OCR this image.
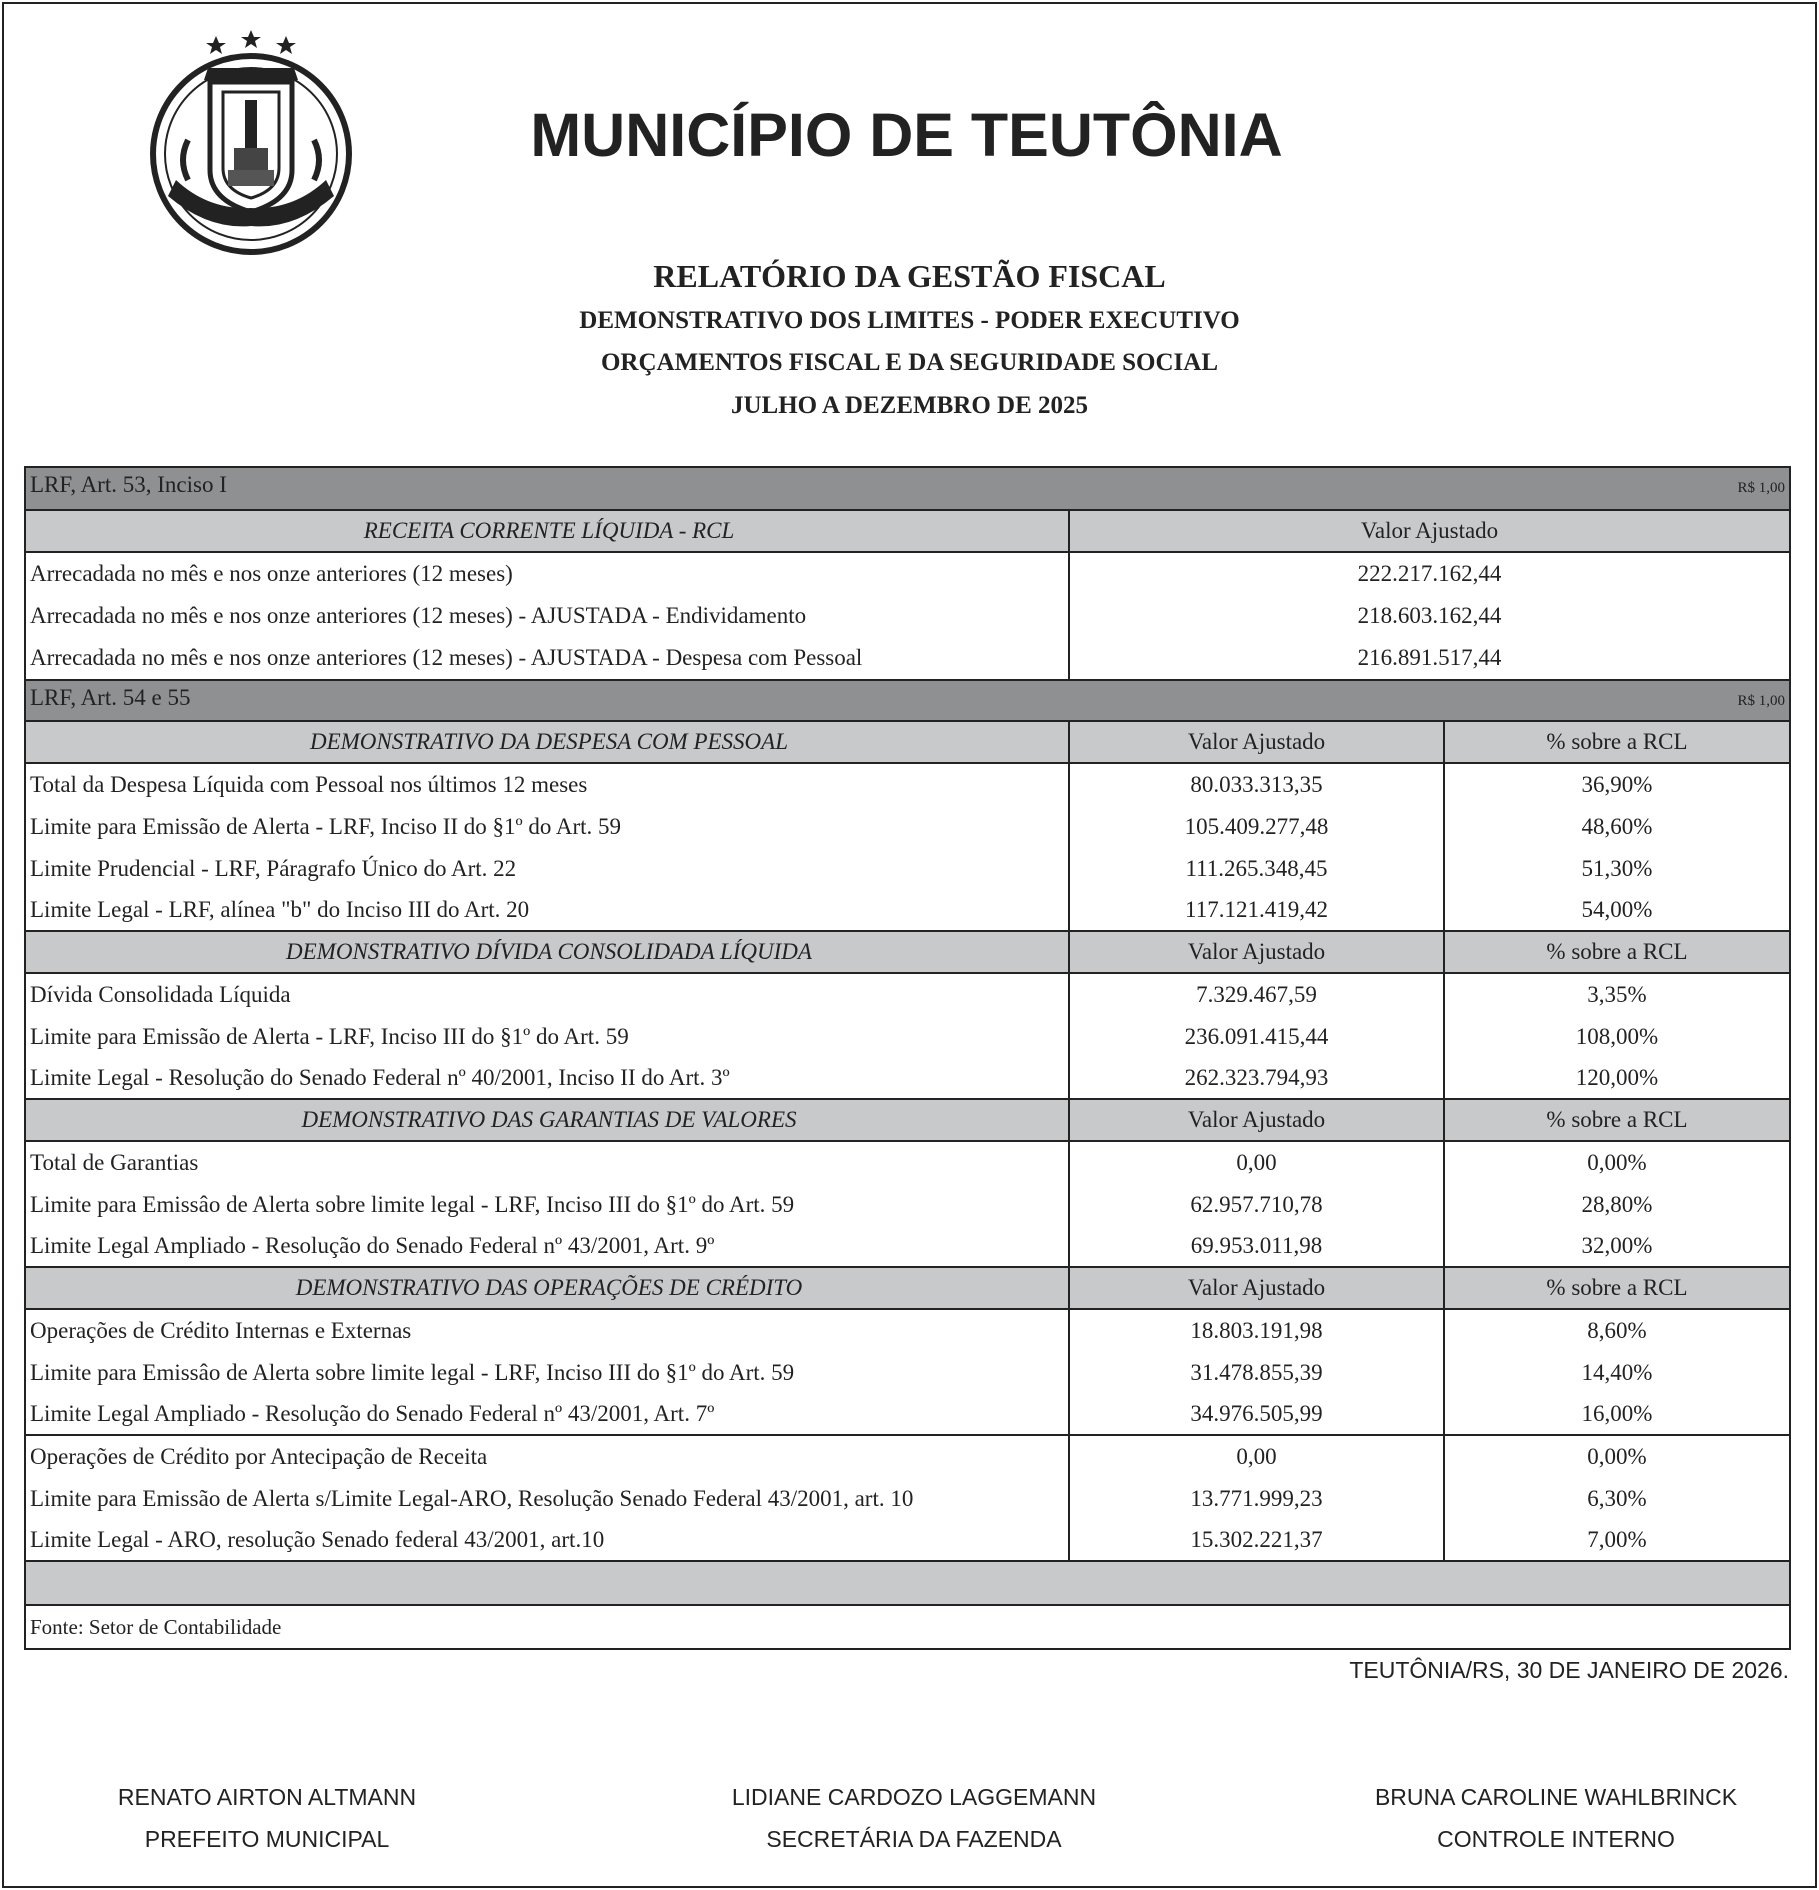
MUNICÍPIO DE TEUTÔNIA
RELATÓRIO DA GESTÃO FISCAL
DEMONSTRATIVO DOS LIMITES - PODER EXECUTIVO
ORÇAMENTOS FISCAL E DA SEGURIDADE SOCIAL
JULHO A DEZEMBRO DE 2025
LRF, Art. 53, Inciso I	R$ 1,00
RECEITA CORRENTE LÍQUIDA - RCL	Valor Ajustado
Arrecadada no mês e nos onze anteriores (12 meses)	222.217.162,44
Arrecadada no mês e nos onze anteriores (12 meses) - AJUSTADA - Endividamento	218.603.162,44
Arrecadada no mês e nos onze anteriores (12 meses) - AJUSTADA - Despesa com Pessoal	216.891.517,44
LRF, Art. 54 e 55	R$ 1,00
DEMONSTRATIVO DA DESPESA COM PESSOAL	Valor Ajustado	% sobre a RCL
Total da Despesa Líquida com Pessoal nos últimos 12 meses	80.033.313,35	36,90%
Limite para Emissão de Alerta - LRF, Inciso II do §1º do Art. 59	105.409.277,48	48,60%
Limite Prudencial - LRF, Páragrafo Único do Art. 22	111.265.348,45	51,30%
Limite Legal - LRF, alínea "b" do Inciso III do Art. 20	117.121.419,42	54,00%
DEMONSTRATIVO DÍVIDA CONSOLIDADA LÍQUIDA	Valor Ajustado	% sobre a RCL
Dívida Consolidada Líquida	7.329.467,59	3,35%
Limite para Emissão de Alerta - LRF, Inciso III do §1º do Art. 59	236.091.415,44	108,00%
Limite Legal - Resolução do Senado Federal nº 40/2001, Inciso II do Art. 3º	262.323.794,93	120,00%
DEMONSTRATIVO DAS GARANTIAS DE VALORES	Valor Ajustado	% sobre a RCL
Total de Garantias	0,00	0,00%
Limite para Emissâo de Alerta sobre limite legal - LRF, Inciso III do §1º do Art. 59	62.957.710,78	28,80%
Limite Legal Ampliado - Resolução do Senado Federal nº 43/2001, Art. 9º	69.953.011,98	32,00%
DEMONSTRATIVO DAS OPERAÇÕES DE CRÉDITO	Valor Ajustado	% sobre a RCL
Operações de Crédito Internas e Externas	18.803.191,98	8,60%
Limite para Emissâo de Alerta sobre limite legal - LRF, Inciso III do §1º do Art. 59	31.478.855,39	14,40%
Limite Legal Ampliado - Resolução do Senado Federal nº 43/2001, Art. 7º	34.976.505,99	16,00%
Operações de Crédito por Antecipação de Receita	0,00	0,00%
Limite para Emissão de Alerta s/Limite Legal-ARO, Resolução Senado Federal 43/2001, art. 10	13.771.999,23	6,30%
Limite Legal - ARO, resolução Senado federal 43/2001, art.10	15.302.221,37	7,00%
Fonte: Setor de Contabilidade
TEUTÔNIA/RS, 30 DE JANEIRO DE 2026.
RENATO AIRTON ALTMANN
PREFEITO MUNICIPAL
LIDIANE CARDOZO LAGGEMANN
SECRETÁRIA DA FAZENDA
BRUNA CAROLINE WAHLBRINCK
CONTROLE INTERNO
